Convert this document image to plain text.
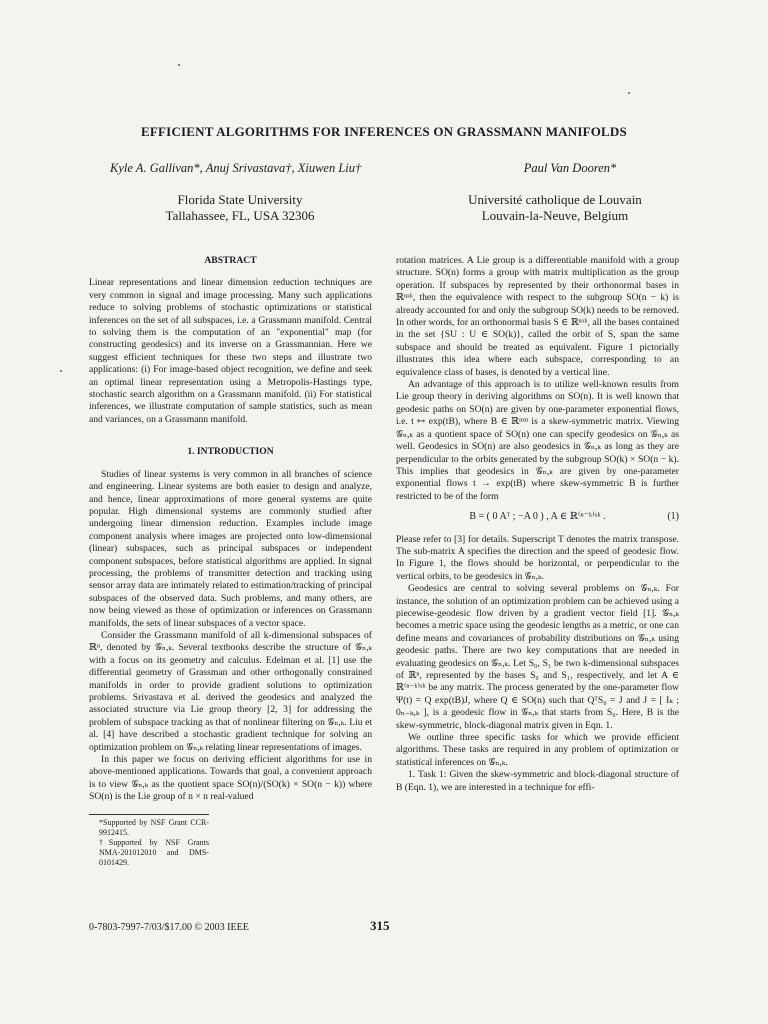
EFFICIENT ALGORITHMS FOR INFERENCES ON GRASSMANN MANIFOLDS
Kyle A. Gallivan*, Anuj Srivastava†, Xiuwen Liu†	Paul Van Dooren*
Florida State University
Tallahassee, FL, USA 32306
Université catholique de Louvain
Louvain-la-Neuve, Belgium
ABSTRACT

Linear representations and linear dimension reduction techniques are very common in signal and image processing. Many such applications reduce to solving problems of stochastic optimizations or statistical inferences on the set of all subspaces, i.e. a Grassmann manifold. Central to solving them is the computation of an "exponential" map (for constructing geodesics) and its inverse on a Grassmannian. Here we suggest efficient techniques for these two steps and illustrate two applications: (i) For image-based object recognition, we define and seek an optimal linear representation using a Metropolis-Hastings type, stochastic search algorithm on a Grassmann manifold. (ii) For statistical inferences, we illustrate computation of sample statistics, such as mean and variances, on a Grassmann manifold.

1. INTRODUCTION

Studies of linear systems is very common in all branches of science and engineering. Linear systems are both easier to design and analyze, and hence, linear approximations of more general systems are quite popular. High dimensional systems are commonly studied after undergoing linear dimension reduction. Examples include image component analysis where images are projected onto low-dimensional (linear) subspaces, such as principal subspaces or independent component subspaces, before statistical algorithms are applied. In signal processing, the problems of transmitter detection and tracking using sensor array data are intimately related to estimation/tracking of principal subspaces of the observed data. Such problems, and many others, are now being viewed as those of optimization or inferences on Grassmann manifolds, the sets of linear subspaces of a vector space.

Consider the Grassmann manifold of all k-dimensional subspaces of ℝⁿ, denoted by 𝒢ₙ,ₖ. Several textbooks describe the structure of 𝒢ₙ,ₖ with a focus on its geometry and calculus. Edelman et al. [1] use the differential geometry of Grassman and other orthogonally constrained manifolds in order to provide gradient solutions to optimization problems. Srivastava et al. derived the geodesics and analyzed the associated structure via Lie group theory [2, 3] for addressing the problem of subspace tracking as that of nonlinear filtering on 𝒢ₙ,ₖ. Liu et al. [4] have described a stochastic gradient technique for solving an optimization problem on 𝒢ₙ,ₖ relating linear representations of images.

In this paper we focus on deriving efficient algorithms for use in above-mentioned applications. Towards that goal, a convenient approach is to view 𝒢ₙ,ₖ as the quotient space SO(n)/(SO(k) × SO(n − k)) where SO(n) is the Lie group of n × n real-valued

*Supported by NSF Grant CCR-9912415.

†Supported by NSF Grants NMA-201012010 and DMS-0101429.

rotation matrices. A Lie group is a differentiable manifold with a group structure. SO(n) forms a group with matrix multiplication as the group operation. If subspaces by represented by their orthonormal bases in ℝⁿˣᵏ, then the equivalence with respect to the subgroup SO(n − k) is already accounted for and only the subgroup SO(k) needs to be removed. In other words, for an orthonormal basis S ∈ ℝⁿˣᵏ, all the bases contained in the set {SU : U ∈ SO(k)}, called the orbit of S, span the same subspace and should be treated as equivalent. Figure 1 pictorially illustrates this idea where each subspace, corresponding to an equivalence class of bases, is denoted by a vertical line.

An advantage of this approach is to utilize well-known results from Lie group theory in deriving algorithms on SO(n). It is well known that geodesic paths on SO(n) are given by one-parameter exponential flows, i.e. t ↦ exp(tB), where B ∈ ℝⁿˣⁿ is a skew-symmetric matrix. Viewing 𝒢ₙ,ₖ as a quotient space of SO(n) one can specify geodesics on 𝒢ₙ,ₖ as well. Geodesics in SO(n) are also geodesics in 𝒢ₙ,ₖ as long as they are perpendicular to the orbits generated by the subgroup SO(k) × SO(n − k). This implies that geodesics in 𝒢ₙ,ₖ are given by one-parameter exponential flows t → exp(tB) where skew-symmetric B is further restricted to be of the form

B = ( 0 Aᵀ ; −A 0 ) , A ∈ ℝ⁽ⁿ⁻ᵏ⁾ˣᵏ .	(1)

Please refer to [3] for details. Superscript T denotes the matrix transpose. The sub-matrix A specifies the direction and the speed of geodesic flow. In Figure 1, the flows should be horizontal, or perpendicular to the vertical orbits, to be geodesics in 𝒢ₙ,ₖ.

Geodesics are central to solving several problems on 𝒢ₙ,ₖ. For instance, the solution of an optimization problem can be achieved using a piecewise-geodesic flow driven by a gradient vector field [1]. 𝒢ₙ,ₖ becomes a metric space using the geodesic lengths as a metric, or one can define means and covariances of probability distributions on 𝒢ₙ,ₖ using geodesic paths. There are two key computations that are needed in evaluating geodesics on 𝒢ₙ,ₖ. Let S₀, S₁ be two k-dimensional subspaces of ℝⁿ, represented by the bases S₀ and S₁, respectively, and let A ∈ ℝ⁽ⁿ⁻ᵏ⁾ˣᵏ be any matrix. The process generated by the one-parameter flow Ψ(t) = Q exp(tB)J, where Q ∈ SO(n) such that QᵀS₀ = J and J = [ Iₖ ; 0ₙ₋ₖ,ₖ ], is a geodesic flow in 𝒢ₙ,ₖ that starts from S₀. Here, B is the skew-symmetric, block-diagonal matrix given in Eqn. 1.

We outline three specific tasks for which we provide efficient algorithms. These tasks are required in any problem of optimization or statistical inferences on 𝒢ₙ,ₖ.

1. Task 1: Given the skew-symmetric and block-diagonal structure of B (Eqn. 1), we are interested in a technique for effi-

0-7803-7997-7/03/$17.00 © 2003 IEEE	315
